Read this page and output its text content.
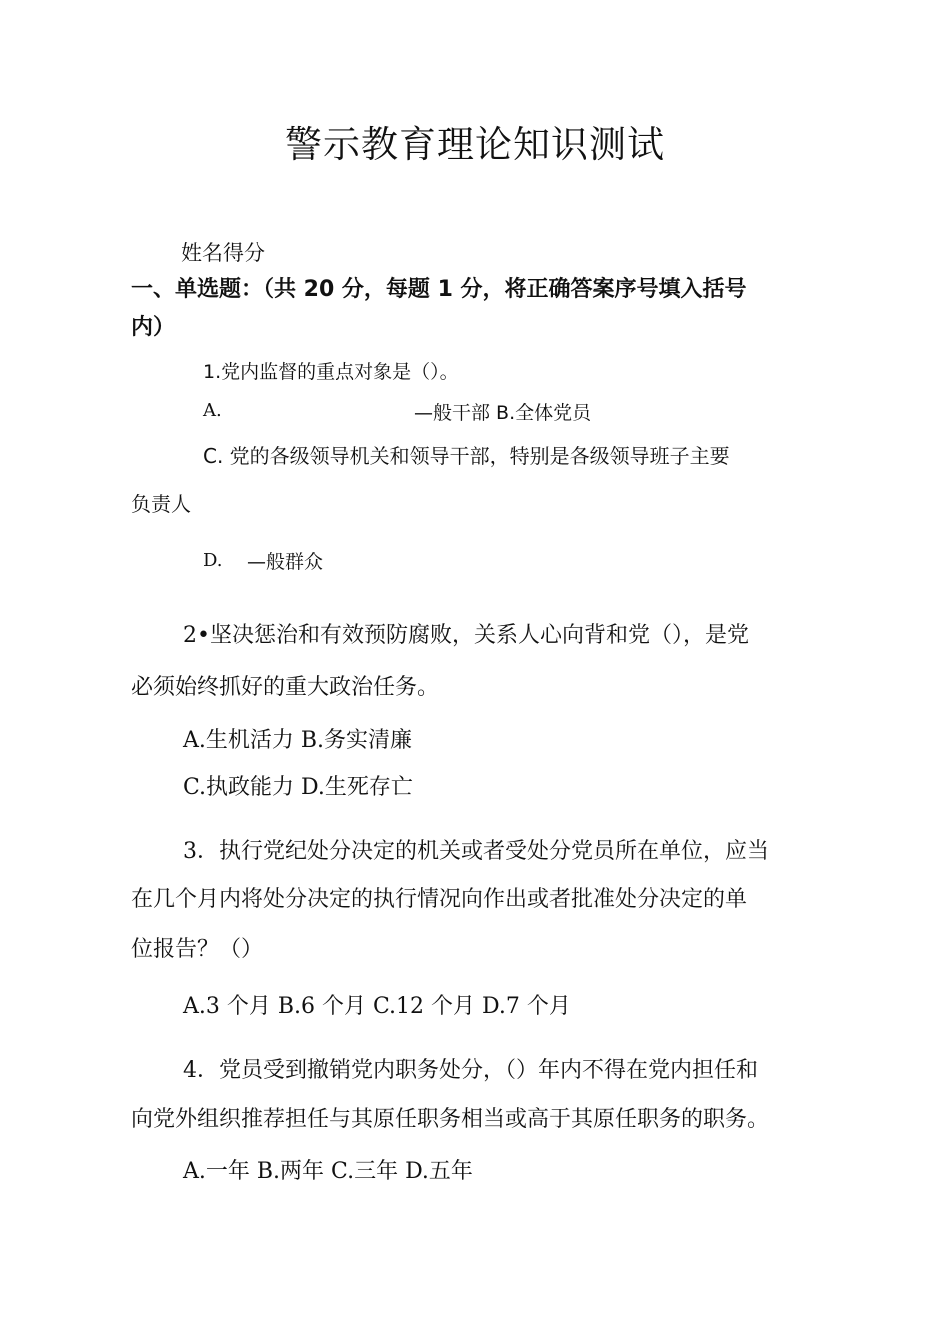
警示教育理论知识测试
姓名得分
一、单选题：（共 20 分，每题 1 分，将正确答案序号填入括号
内）
1.党内监督的重点对象是（）。
A.	—般干部 B.全体党员
C. 党的各级领导机关和领导干部，特别是各级领导班子主要
负责人
D. —般群众
2•坚决惩治和有效预防腐败，关系人心向背和党（），是党
必须始终抓好的重大政治任务。
A.生机活力 B.务实清廉
C.执政能力 D.生死存亡
3．执行党纪处分决定的机关或者受处分党员所在单位，应当
在几个月内将处分决定的执行情况向作出或者批准处分决定的单
位报告？（）
A.3 个月 B.6 个月 C.12 个月 D.7 个月
4．党员受到撤销党内职务处分，（）年内不得在党内担任和
向党外组织推荐担任与其原任职务相当或高于其原任职务的职务。
A.一年 B.两年 C.三年 D.五年
